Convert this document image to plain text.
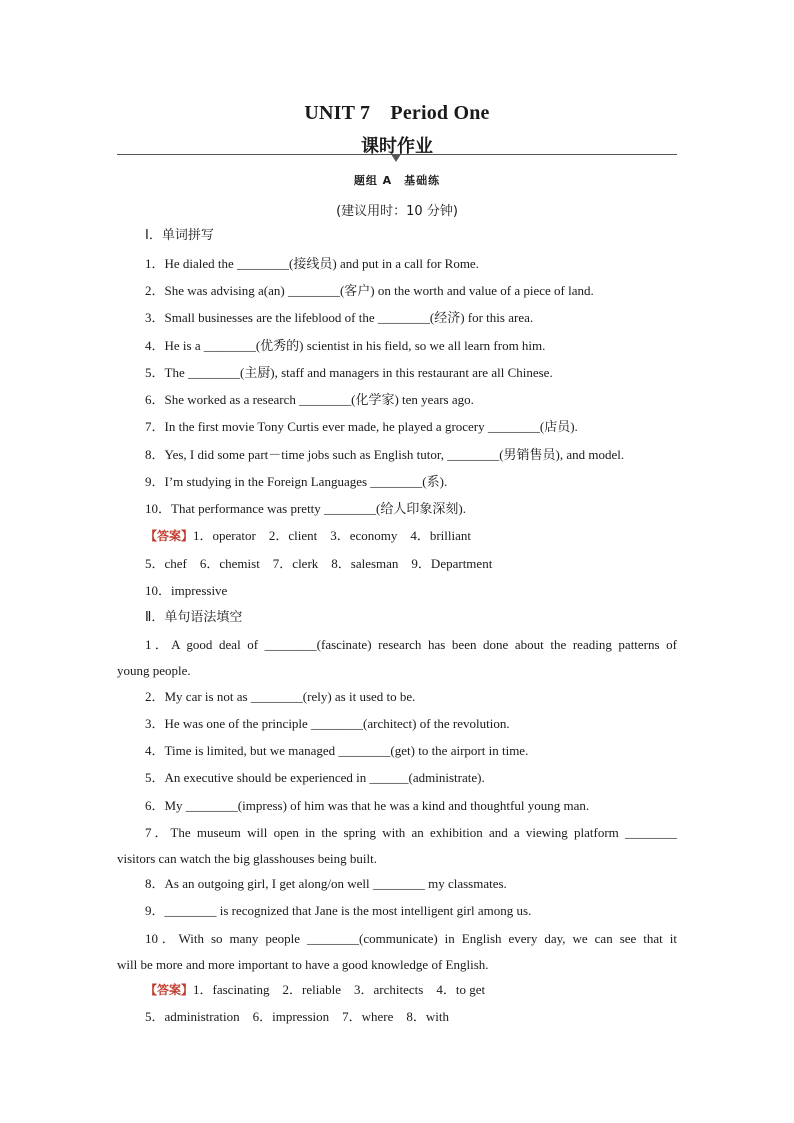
UNIT 7　Period One
课时作业
题组 A　基础练
(建议用时：10 分钟)
Ⅰ．单词拼写
1．He dialed the ________(接线员) and put in a call for Rome.
2．She was advising a(an) ________(客户) on the worth and value of a piece of land.
3．Small businesses are the lifeblood of the ________(经济) for this area.
4．He is a ________(优秀的) scientist in his field, so we all learn from him.
5．The ________(主厨), staff and managers in this restaurant are all Chinese.
6．She worked as a research ________(化学家) ten years ago.
7．In the first movie Tony Curtis ever made, he played a grocery ________(店员).
8．Yes, I did some part－time jobs such as English tutor, ________(男销售员), and model.
9．I’m studying in the Foreign Languages ________(系).
10．That performance was pretty ________(给人印象深刻).
【答案】1．operator　2．client　3．economy　4．brilliant
5．chef　6．chemist　7．clerk　8．salesman　9．Department
10．impressive
Ⅱ．单句语法填空
1．A good deal of ________(fascinate) research has been done about the reading patterns of
young people.
2．My car is not as ________(rely) as it used to be.
3．He was one of the principle ________(architect) of the revolution.
4．Time is limited, but we managed ________(get) to the airport in time.
5．An executive should be experienced in ______(administrate).
6．My ________(impress) of him was that he was a kind and thoughtful young man.
7．The museum will open in the spring with an exhibition and a viewing platform ________
visitors can watch the big glasshouses being built.
8．As an outgoing girl, I get along/on well ________ my classmates.
9．________ is recognized that Jane is the most intelligent girl among us.
10．With so many people ________(communicate) in English every day, we can see that it
will be more and more important to have a good knowledge of English.
【答案】1．fascinating　2．reliable　3．architects　4．to get
5．administration　6．impression　7．where　8．with
